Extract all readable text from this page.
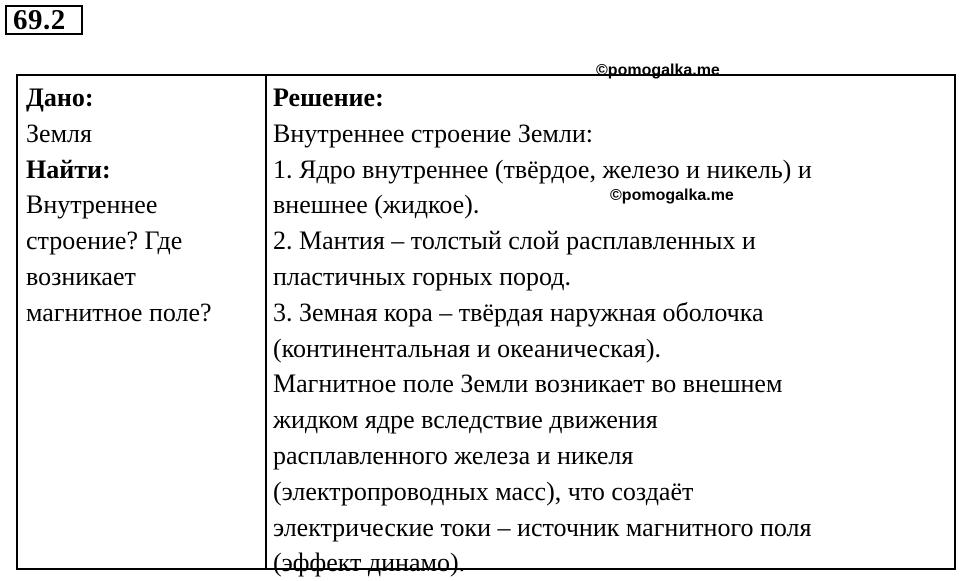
69.2
©pomogalka.me
©pomogalka.me
Дано:
Земля
Найти:
Внутреннее
строение? Где
возникает
магнитное поле?
Решение:
Внутреннее строение Земли:
1. Ядро внутреннее (твёрдое, железо и никель) и
внешнее (жидкое).
2. Мантия – толстый слой расплавленных и
пластичных горных пород.
3. Земная кора – твёрдая наружная оболочка
(континентальная и океаническая).
Магнитное поле Земли возникает во внешнем
жидком ядре вследствие движения
расплавленного железа и никеля
(электропроводных масс), что создаёт
электрические токи – источник магнитного поля
(эффект динамо).
